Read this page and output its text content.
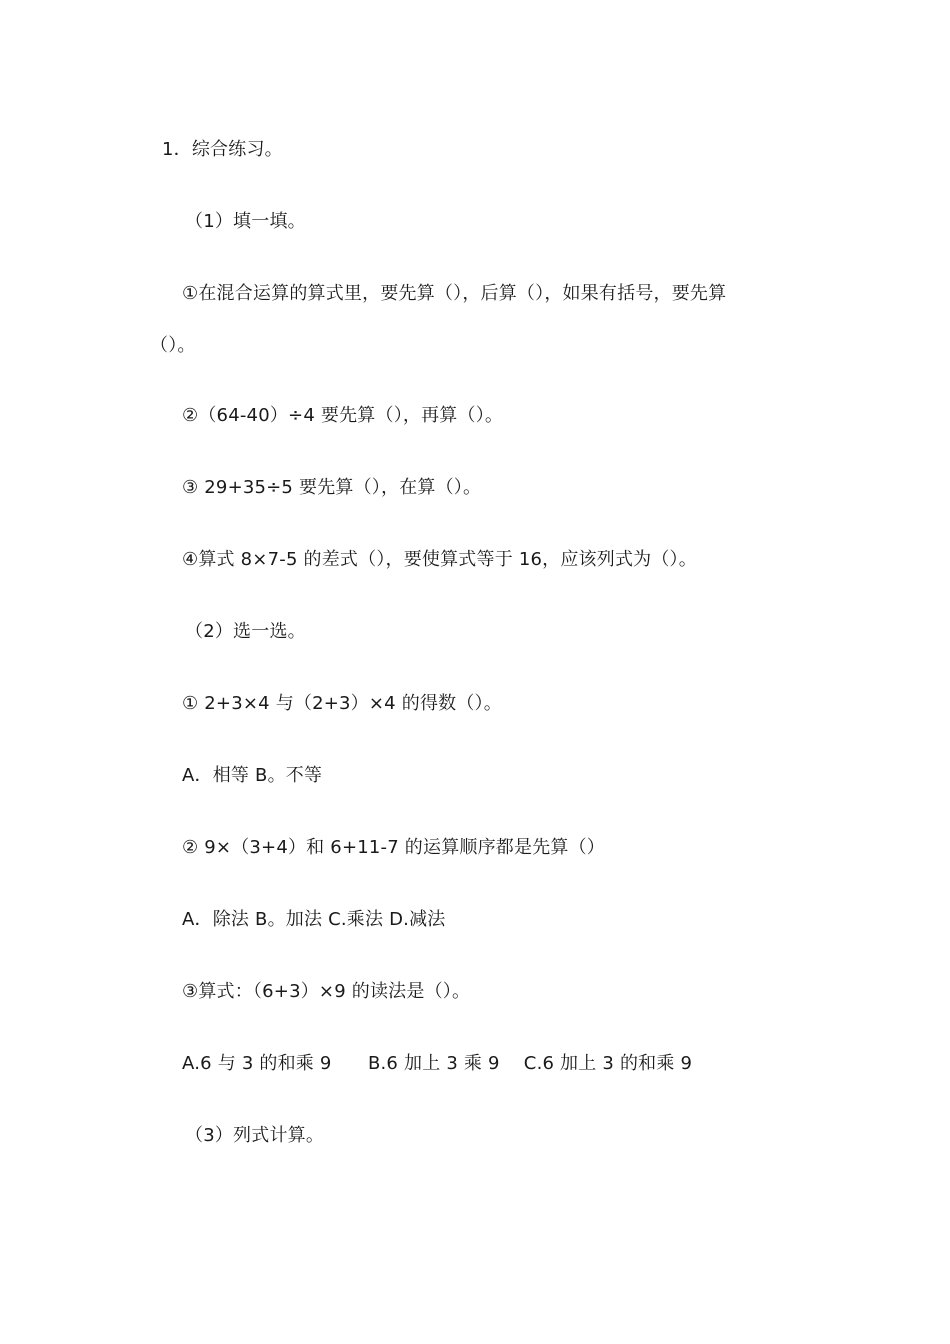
1．综合练习。
（1）填一填。
①在混合运算的算式里，要先算（），后算（），如果有括号，要先算
（）。
②（64-40）÷4 要先算（），再算（）。
③ 29+35÷5 要先算（），在算（）。
④算式 8×7-5 的差式（），要使算式等于 16，应该列式为（）。
（2）选一选。
① 2+3×4 与（2+3）×4 的得数（）。
A．相等 B。不等
② 9×（3+4）和 6+11-7 的运算顺序都是先算（）
A．除法 B。加法 C.乘法 D.减法
③算式：（6+3）×9 的读法是（）。
A.6 与 3 的和乘 9　　B.6 加上 3 乘 9　 C.6 加上 3 的和乘 9
（3）列式计算。
